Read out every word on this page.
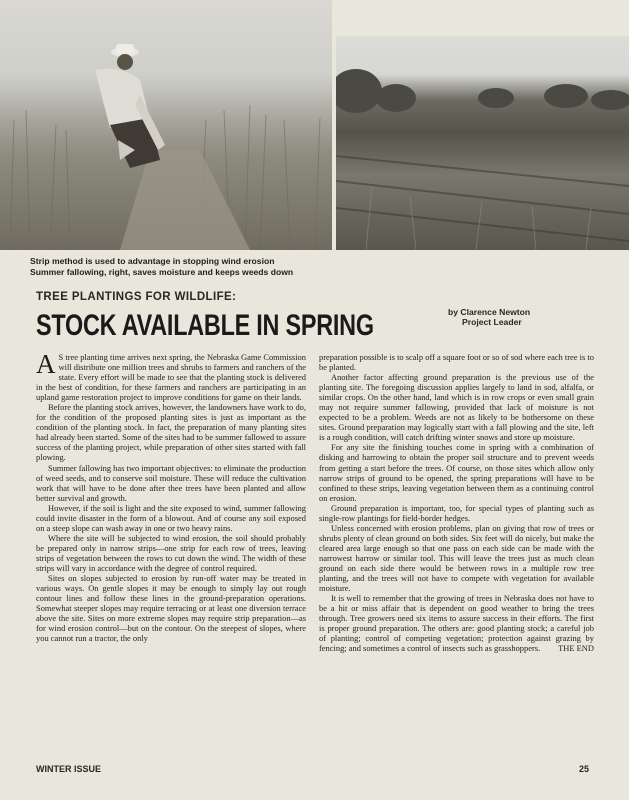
Strip method is used to advantage in stopping wind erosion
Summer fallowing, right, saves moisture and keeps weeds down
TREE PLANTINGS FOR WILDLIFE:
STOCK AVAILABLE IN SPRING	by Clarence Newton
Project Leader

A S tree planting time arrives next spring, the Nebraska Game Commission will distribute one million trees and shrubs to farmers and ranchers of the state. Every effort will be made to see that the planting stock is delivered in the best of condition, for these farmers and ranchers are participating in an upland game restoration project to improve conditions for game on their lands.

Before the planting stock arrives, however, the landowners have work to do, for the condition of the proposed planting sites is just as important as the condition of the planting stock. In fact, the preparation of many planting sites had already been started. Some of the sites had to be summer fallowed to assure success of the planting project, while preparation of other sites started with fall plowing.

Summer fallowing has two important objectives: to eliminate the production of weed seeds, and to conserve soil moisture. These will reduce the cultivation work that will have to be done after thee trees have been planted and allow better survival and growth.

However, if the soil is light and the site exposed to wind, summer fallowing could invite disaster in the form of a blowout. And of course any soil exposed on a steep slope can wash away in one or two heavy rains.

Where the site will be subjected to wind erosion, the soil should probably be prepared only in narrow strips—one strip for each row of trees, leaving strips of vegetation between the rows to cut down the wind. The width of these strips will vary in accordance with the degree of control required.

Sites on slopes subjected to erosion by run-off water may be treated in various ways. On gentle slopes it may be enough to simply lay out rough contour lines and follow these lines in the ground-preparation operations. Somewhat steeper slopes may require terracing or at least one diversion terrace above the site. Sites on more extreme slopes may require strip preparation—as for wind erosion control—but on the contour. On the steepest of slopes, where you cannot run a tractor, the only

preparation possible is to scalp off a square foot or so of sod where each tree is to be planted.

Another factor affecting ground preparation is the previous use of the planting site. The foregoing discussion applies largely to land in sod, alfalfa, or similar crops. On the other hand, land which is in row crops or even small grain may not require summer fallowing, provided that lack of moisture is not expected to be a problem. Weeds are not as likely to be bothersome on these sites. Ground preparation may logically start with a fall plowing and the site, left is a rough condition, will catch drifting winter snows and store up moisture.

For any site the finishing touches come in spring with a combination of disking and harrowing to obtain the proper soil structure and to prevent weeds from getting a start before the trees. Of course, on those sites which allow only narrow strips of ground to be opened, the spring preparations will have to be confined to these strips, leaving vegetation between them as a continuing control on erosion.

Ground preparation is important, too, for special types of planting such as single-row plantings for field-border hedges.

Unless concerned with erosion problems, plan on giving that row of trees or shrubs plenty of clean ground on both sides. Six feet will do nicely, but make the cleared area large enough so that one pass on each side can be made with the narrowest harrow or similar tool. This will leave the trees just as much clean ground on each side there would be between rows in a multiple row tree planting, and the trees will not have to compete with vegetation for available moisture.

It is well to remember that the growing of trees in Nebraska does not have to be a hit or miss affair that is dependent on good weather to bring the trees through. Tree growers need six items to assure success in their efforts. The first is proper ground preparation. The others are: good planting stock; a careful job of planting; control of competing vegetation; protection against grazing by fencing; and sometimes a control of insects such as grasshoppers.	THE END

WINTER ISSUE	25
